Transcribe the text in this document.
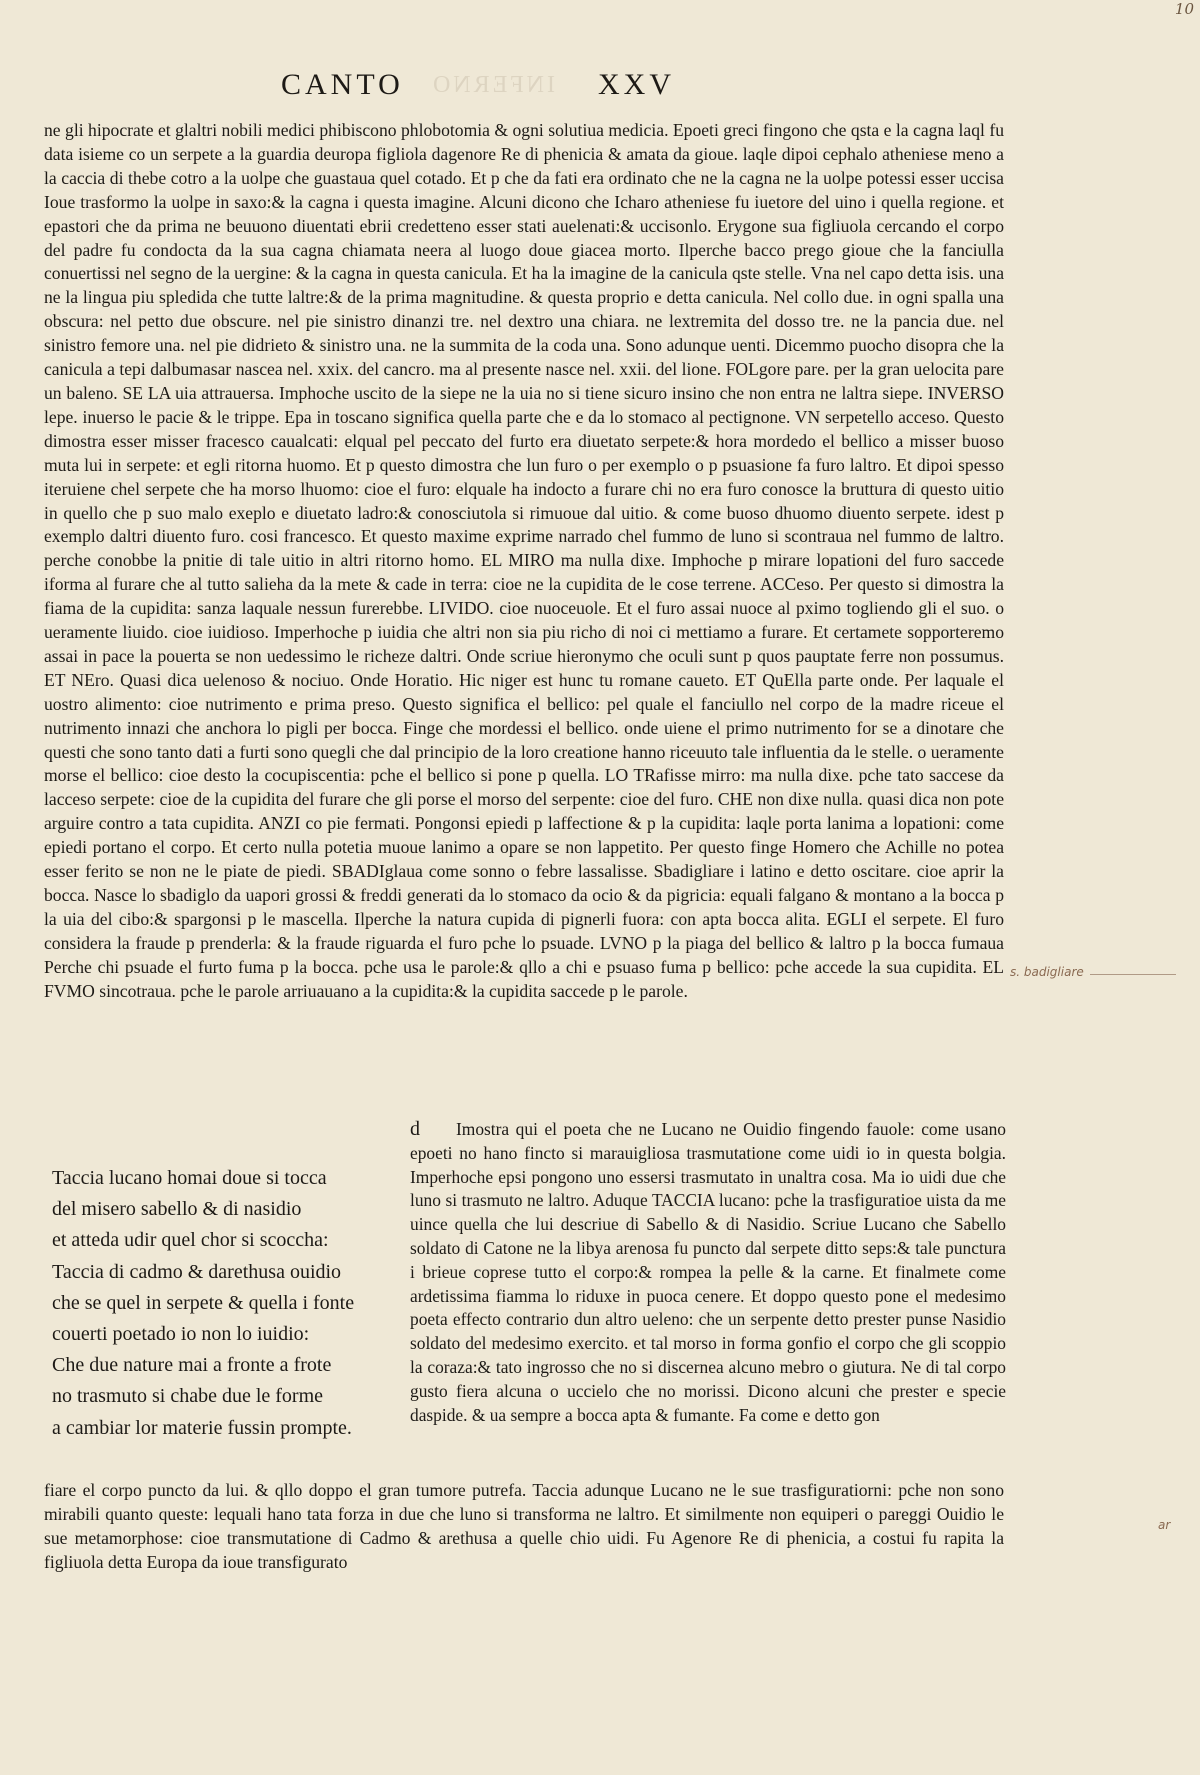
10
INFERNO
CANTO	XXV

ne gli hipocrate et glaltri nobili medici phibiscono phlobotomia & ogni solutiua medicia. Epoeti greci fingono che qsta e la cagna laql fu data isieme co un serpete a la guardia deuropa figliola dagenore Re di phenicia & amata da gioue. laqle dipoi cephalo atheniese meno a la caccia di thebe cotro a la uolpe che guastaua quel cotado. Et p che da fati era ordinato che ne la cagna ne la uolpe potessi esser uccisa Ioue trasformo la uolpe in saxo:& la cagna i questa imagine. Alcuni dicono che Icharo atheniese fu iuetore del uino i quella regione. et epastori che da prima ne beuuono diuentati ebrii credetteno esser stati auelenati:& uccisonlo. Erygone sua figliuola cercando el corpo del padre fu condocta da la sua cagna chiamata neera al luogo doue giacea morto. Ilperche bacco prego gioue che la fanciulla conuertissi nel segno de la uergine: & la cagna in questa canicula. Et ha la imagine de la canicula qste stelle. Vna nel capo detta isis. una ne la lingua piu spledida che tutte laltre:& de la prima magnitudine. & questa proprio e detta canicula. Nel collo due. in ogni spalla una obscura: nel petto due obscure. nel pie sinistro dinanzi tre. nel dextro una chiara. ne lextremita del dosso tre. ne la pancia due. nel sinistro femore una. nel pie didrieto & sinistro una. ne la summita de la coda una. Sono adunque uenti. Dicemmo puocho disopra che la canicula a tepi dalbumasar nascea nel. xxix. del cancro. ma al presente nasce nel. xxii. del lione. FOLgore pare. per la gran uelocita pare un baleno. SE LA uia attrauersa. Imphoche uscito de la siepe ne la uia no si tiene sicuro insino che non entra ne laltra siepe. INVERSO lepe. inuerso le pacie & le trippe. Epa in toscano significa quella parte che e da lo stomaco al pectignone. VN serpetello acceso. Questo dimostra esser misser fracesco caualcati: elqual pel peccato del furto era diuetato serpete:& hora mordedo el bellico a misser buoso muta lui in serpete: et egli ritorna huomo. Et p questo dimostra che lun furo o per exemplo o p psuasione fa furo laltro. Et dipoi spesso iteruiene chel serpete che ha morso lhuomo: cioe el furo: elquale ha indocto a furare chi no era furo conosce la bruttura di questo uitio in quello che p suo malo exeplo e diuetato ladro:& conosciutola si rimuoue dal uitio. & come buoso dhuomo diuento serpete. idest p exemplo daltri diuento furo. cosi francesco. Et questo maxime exprime narrado chel fummo de luno si scontraua nel fummo de laltro. perche conobbe la pnitie di tale uitio in altri ritorno homo. EL MIRO ma nulla dixe. Imphoche p mirare lopationi del furo saccede iforma al furare che al tutto salieha da la mete & cade in terra: cioe ne la cupidita de le cose terrene. ACCeso. Per questo si dimostra la fiama de la cupidita: sanza laquale nessun furerebbe. LIVIDO. cioe nuoceuole. Et el furo assai nuoce al pximo togliendo gli el suo. o ueramente liuido. cioe iuidioso. Imperhoche p iuidia che altri non sia piu richo di noi ci mettiamo a furare. Et certamete sopporteremo assai in pace la pouerta se non uedessimo le richeze daltri. Onde scriue hieronymo che oculi sunt p quos pauptate ferre non possumus. ET NEro. Quasi dica uelenoso & nociuo. Onde Horatio. Hic niger est hunc tu romane caueto. ET QuElla parte onde. Per laquale el uostro alimento: cioe nutrimento e prima preso. Questo significa el bellico: pel quale el fanciullo nel corpo de la madre riceue el nutrimento innazi che anchora lo pigli per bocca. Finge che mordessi el bellico. onde uiene el primo nutrimento for se a dinotare che questi che sono tanto dati a furti sono quegli che dal principio de la loro creatione hanno riceuuto tale influentia da le stelle. o ueramente morse el bellico: cioe desto la cocupiscentia: pche el bellico si pone p quella. LO TRafisse mirro: ma nulla dixe. pche tato saccese da lacceso serpete: cioe de la cupidita del furare che gli porse el morso del serpente: cioe del furo. CHE non dixe nulla. quasi dica non pote arguire contro a tata cupidita. ANZI co pie fermati. Pongonsi epiedi p laffectione & p la cupidita: laqle porta lanima a lopationi: come epiedi portano el corpo. Et certo nulla potetia muoue lanimo a opare se non lappetito. Per questo finge Homero che Achille no potea esser ferito se non ne le piate de piedi. SBADIglaua come sonno o febre lassalisse. Sbadigliare i latino e detto oscitare. cioe aprir la bocca. Nasce lo sbadiglo da uapori grossi & freddi generati da lo stomaco da ocio & da pigricia: equali falgano & montano a la bocca p la uia del cibo:& spargonsi p le mascella. Ilperche la natura cupida di pignerli fuora: con apta bocca alita. EGLI el serpete. El furo considera la fraude p prenderla: & la fraude riguarda el furo pche lo psuade. LVNO p la piaga del bellico & laltro p la bocca fumaua Perche chi psuade el furto fuma p la bocca. pche usa le parole:& qllo a chi e psuaso fuma p bellico: pche accede la sua cupidita. EL FVMO sincotraua. pche le parole arriuauano a la cupidita:& la cupidita saccede p le parole.

Taccia lucano homai doue si tocca
del misero sabello & di nasidio
et atteda udir quel chor si scoccha:
Taccia di cadmo & darethusa ouidio
che se quel in serpete & quella i fonte
couerti poetado io non lo iuidio:
Che due nature mai a fronte a frote
no trasmuto si chabe due le forme
a cambiar lor materie fussin prompte.
d	Imostra qui el poeta che ne Lucano ne Ouidio fingendo fauole: come usano epoeti no hano fincto si marauigliosa trasmutatione come uidi io in questa bolgia. Imperhoche epsi pongono uno essersi trasmutato in unaltra cosa. Ma io uidi due che luno si trasmuto ne laltro. Aduque TACCIA lucano: pche la trasfiguratioe uista da me uince quella che lui descriue di Sabello & di Nasidio. Scriue Lucano che Sabello soldato di Catone ne la libya arenosa fu puncto dal serpete ditto seps:& tale punctura i brieue coprese tutto el corpo:& rompea la pelle & la carne. Et finalmete come ardetissima fiamma lo riduxe in puoca cenere. Et doppo questo pone el medesimo poeta effecto contrario dun altro ueleno: che un serpente detto prester punse Nasidio soldato del medesimo exercito. et tal morso in forma gonfio el corpo che gli scoppio la coraza:& tato ingrosso che no si discernea alcuno mebro o giutura. Ne di tal corpo gusto fiera alcuna o uccielo che no morissi. Dicono alcuni che prester e specie daspide. & ua sempre a bocca apta & fumante. Fa come e detto gon

fiare el corpo puncto da lui. & qllo doppo el gran tumore putrefa. Taccia adunque Lucano ne le sue trasfiguratiorni: pche non sono mirabili quanto queste: lequali hano tata forza in due che luno si transforma ne laltro. Et similmente non equiperi o pareggi Ouidio le sue metamorphose: cioe transmutatione di Cadmo & arethusa a quelle chio uidi. Fu Agenore Re di phenicia, a costui fu rapita la figliuola detta Europa da ioue transfigurato

s. badigliare
ar
